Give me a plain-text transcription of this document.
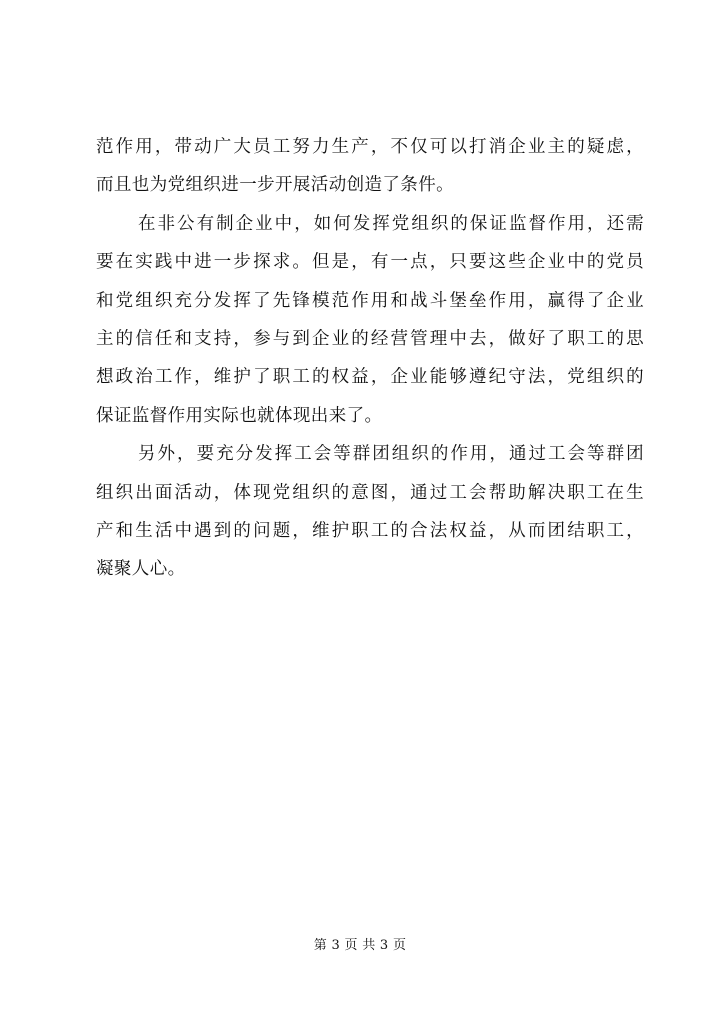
范作用，带动广大员工努力生产，不仅可以打消企业主的疑虑，
而且也为党组织进一步开展活动创造了条件。
在非公有制企业中，如何发挥党组织的保证监督作用，还需
要在实践中进一步探求。但是，有一点，只要这些企业中的党员
和党组织充分发挥了先锋模范作用和战斗堡垒作用，赢得了企业
主的信任和支持，参与到企业的经营管理中去，做好了职工的思
想政治工作，维护了职工的权益，企业能够遵纪守法，党组织的
保证监督作用实际也就体现出来了。
另外，要充分发挥工会等群团组织的作用，通过工会等群团
组织出面活动，体现党组织的意图，通过工会帮助解决职工在生
产和生活中遇到的问题，维护职工的合法权益，从而团结职工，
凝聚人心。
第 3 页 共 3 页
